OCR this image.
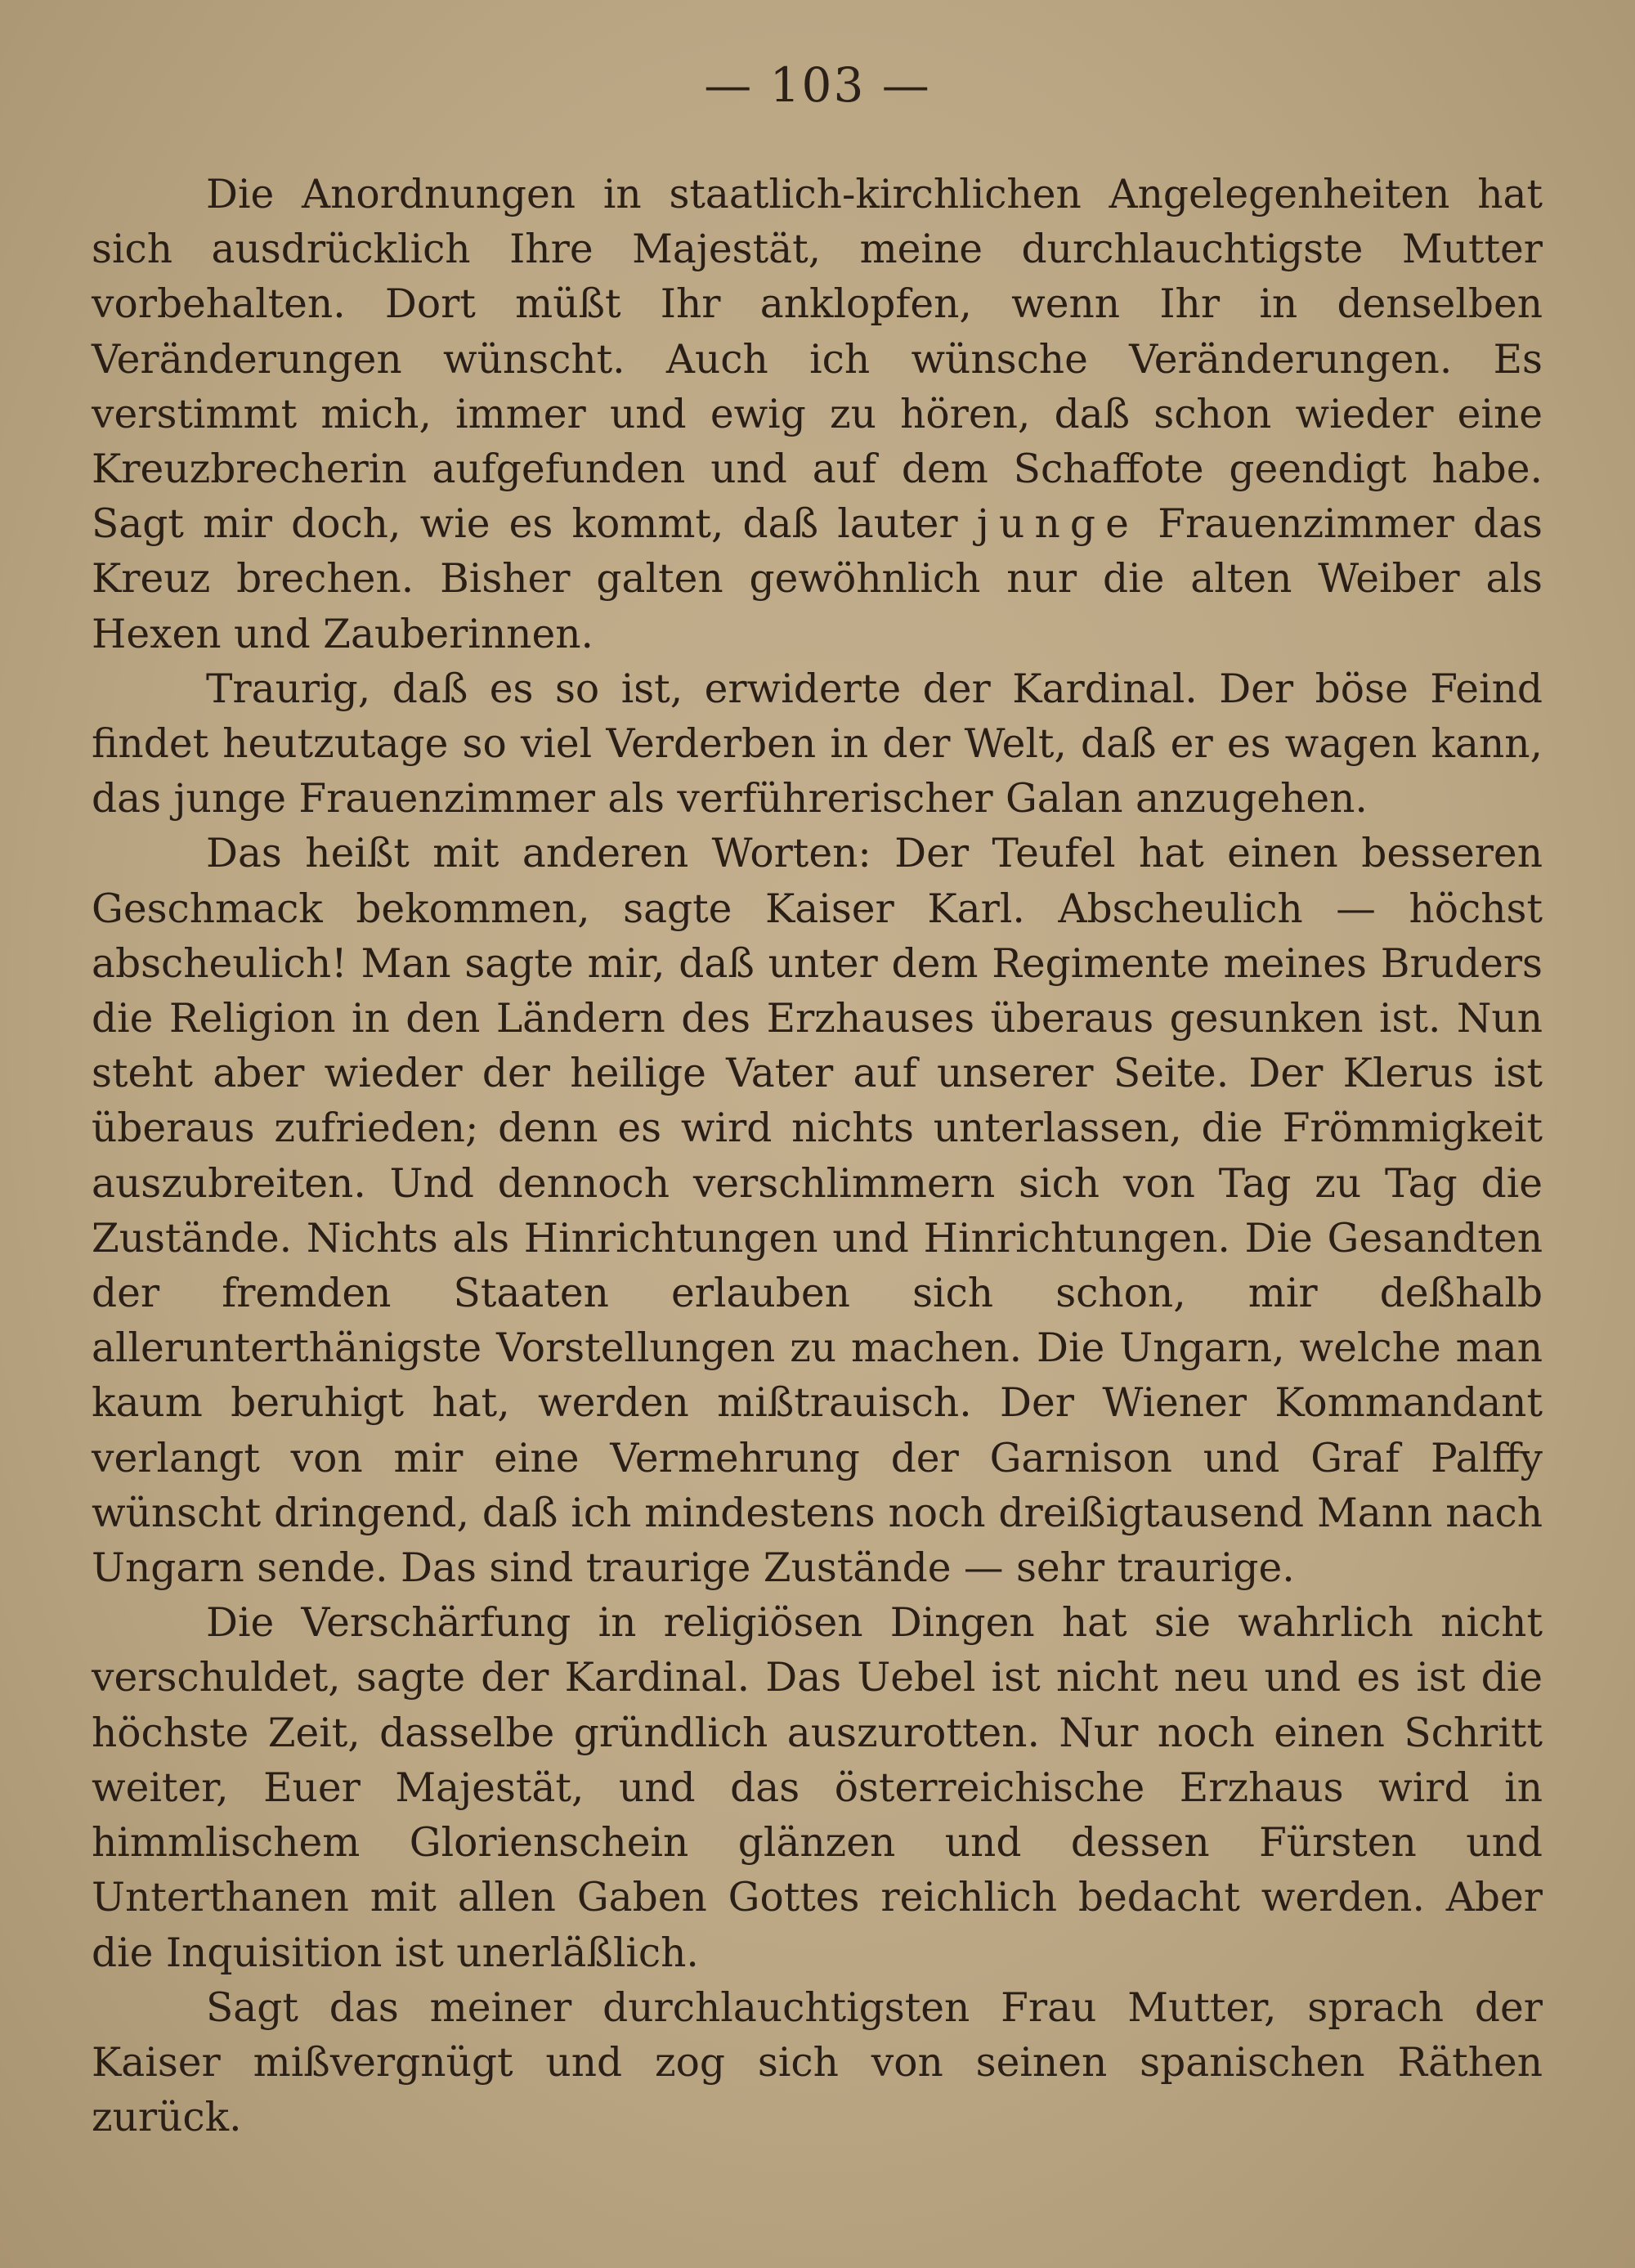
— 103 —

Die Anordnungen in staatlich-kirchlichen Angelegenheiten hat sich ausdrücklich Ihre Majestät, meine durchlauchtigste Mutter vorbehalten. Dort müßt Ihr anklopfen, wenn Ihr in denselben Veränderungen wünscht. Auch ich wünsche Veränderungen. Es verstimmt mich, immer und ewig zu hören, daß schon wieder eine Kreuzbrecherin aufgefunden und auf dem Schaffote geendigt habe. Sagt mir doch, wie es kommt, daß lauter junge Frauenzimmer das Kreuz brechen. Bisher galten gewöhnlich nur die alten Weiber als Hexen und Zauberinnen.

Traurig, daß es so ist, erwiderte der Kardinal. Der böse Feind findet heutzutage so viel Verderben in der Welt, daß er es wagen kann, das junge Frauenzimmer als verführerischer Galan anzugehen.

Das heißt mit anderen Worten: Der Teufel hat einen besseren Geschmack bekommen, sagte Kaiser Karl. Abscheulich — höchst abscheulich! Man sagte mir, daß unter dem Regimente meines Bruders die Religion in den Ländern des Erzhauses überaus gesunken ist. Nun steht aber wieder der heilige Vater auf unserer Seite. Der Klerus ist überaus zufrieden; denn es wird nichts unterlassen, die Frömmigkeit auszubreiten. Und dennoch verschlimmern sich von Tag zu Tag die Zustände. Nichts als Hinrichtungen und Hinrichtungen. Die Gesandten der fremden Staaten erlauben sich schon, mir deßhalb allerunterthänigste Vorstellungen zu machen. Die Ungarn, welche man kaum beruhigt hat, werden mißtrauisch. Der Wiener Kommandant verlangt von mir eine Vermehrung der Garnison und Graf Palffy wünscht dringend, daß ich mindestens noch dreißigtausend Mann nach Ungarn sende. Das sind traurige Zustände — sehr traurige.

Die Verschärfung in religiösen Dingen hat sie wahrlich nicht verschuldet, sagte der Kardinal. Das Uebel ist nicht neu und es ist die höchste Zeit, dasselbe gründlich auszurotten. Nur noch einen Schritt weiter, Euer Majestät, und das österreichische Erzhaus wird in himmlischem Glorienschein glänzen und dessen Fürsten und Unterthanen mit allen Gaben Gottes reichlich bedacht werden. Aber die Inquisition ist unerläßlich.

Sagt das meiner durchlauchtigsten Frau Mutter, sprach der Kaiser mißvergnügt und zog sich von seinen spanischen Räthen zurück.
